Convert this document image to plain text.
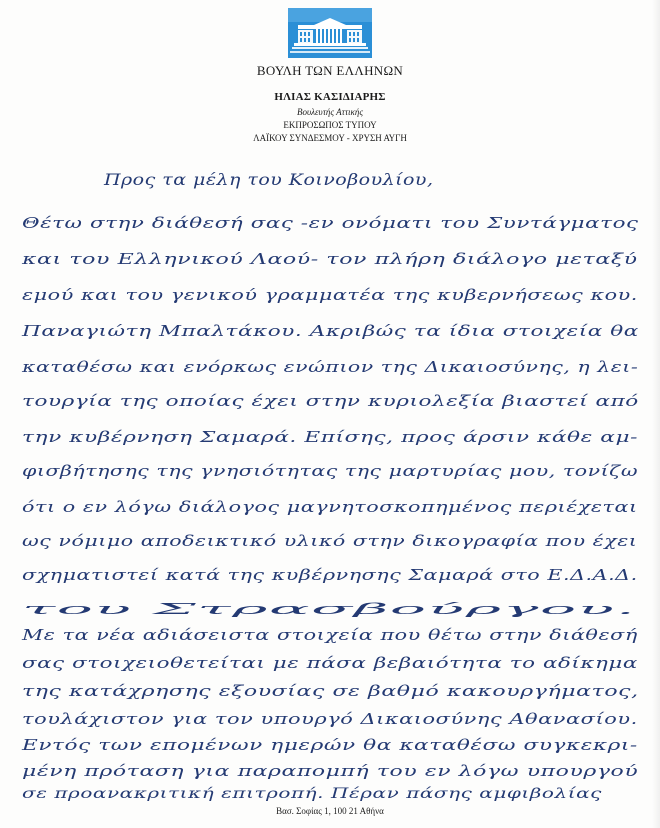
ΒΟΥΛΗ ΤΩΝ ΕΛΛΗΝΩΝ
ΗΛΙΑΣ ΚΑΣΙΔΙΑΡΗΣ
Βουλευτής Αττικής
ΕΚΠΡΟΣΩΠΟΣ ΤΥΠΟΥ
ΛΑΪΚΟΥ ΣΥΝΔΕΣΜΟΥ - ΧΡΥΣΗ ΑΥΓΗ
Προς τα μέλη του Κοινοβουλίου,
Θέτω στην διάθεσή σας -εν ονόματι του Συντάγματος
και του Ελληνικού Λαού- τον πλήρη διάλογο μεταξύ
εμού και του γενικού γραμματέα της κυβερνήσεως κου.
Παναγιώτη Μπαλτάκου. Ακριβώς τα ίδια στοιχεία θα
καταθέσω και ενόρκως ενώπιον της Δικαιοσύνης, η λει-
τουργία της οποίας έχει στην κυριολεξία βιαστεί από
την κυβέρνηση Σαμαρά. Επίσης, προς άρσιν κάθε αμ-
φισβήτησης της γνησιότητας της μαρτυρίας μου, τονίζω
ότι ο εν λόγω διάλογος μαγνητοσκοπημένος περιέχεται
ως νόμιμο αποδεικτικό υλικό στην δικογραφία που έχει
σχηματιστεί κατά της κυβέρνησης Σαμαρά στο Ε.Δ.Α.Δ.
του Στρασβούργου.
Με τα νέα αδιάσειστα στοιχεία που θέτω στην διάθεσή
σας στοιχειοθετείται με πάσα βεβαιότητα το αδίκημα
της κατάχρησης εξουσίας σε βαθμό κακουργήματος,
τουλάχιστον για τον υπουργό Δικαιοσύνης Αθανασίου.
Εντός των επομένων ημερών θα καταθέσω συγκεκρι-
μένη πρόταση για παραπομπή του εν λόγω υπουργού
σε προανακριτική επιτροπή. Πέραν πάσης αμφιβολίας
Βασ. Σοφίας 1, 100 21 Αθήνα
